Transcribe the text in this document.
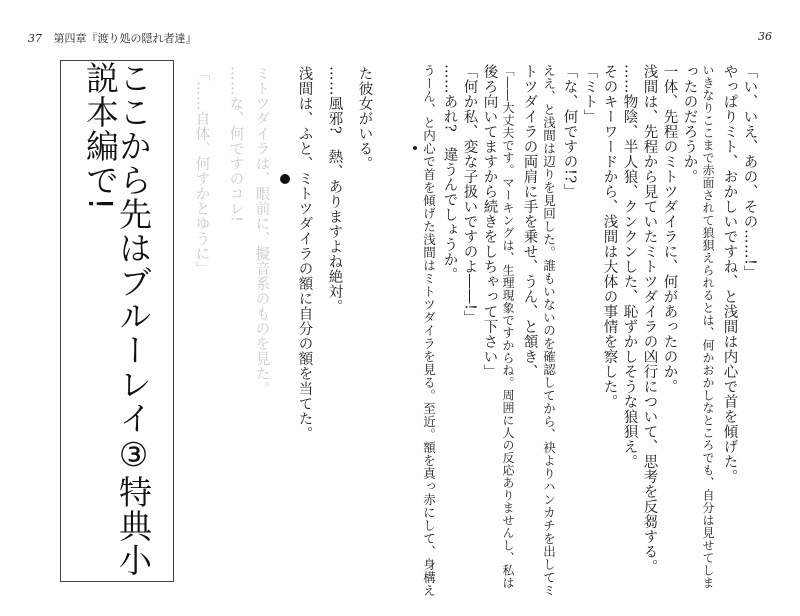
37 第四章『渡り処の隠れ者達』	36
ここから先はブルーレイ③特典小説本編で!	「……自体、何すかとゆうに」 ……な、何ですのコレ! ミトツダイラは、眼前に、擬音系のものを見た。 浅間は、ふと、ミトツダイラの額に自分の額を当てた。 ……風邪?　熱、ありますよね絶対。 た彼女がいる。	うーん、と内心で首を傾げた浅間はミトツダイラを見る。至近。額を真っ赤にして、身構え ……あれ?　違うんでしょうか。 「何か私、変な子扱いですのよ――!」 後ろ向いてますから続きをしちゃって下さい」 「――大丈夫です。マーキングは、生理現象ですからね。周囲に人の反応ありませんし、私は トツダイラの両肩に手を乗せ、うん、と頷き、 ええ、と浅間は辺りを見回した。誰もいないのを確認してから、袂よりハンカチを出してミ 「な、何ですの!?」 「ミト」 そのキーワードから、浅間は大体の事情を察した。 ……物陰、半人狼、クンクンした、恥ずかしそうな狼狽え。 浅間は、先程から見ていたミトツダイラの凶行について、思考を反芻する。 一体、先程のミトツダイラに、何があったのか。 ったのだろうか。 いきなりここまで赤面されて狼狽えられるとは、何かおかしなところでも、自分は見せてしま やっぱりミト、おかしいですね、と浅間は内心で首を傾げた。 「い、いえ、あの、その……!」
